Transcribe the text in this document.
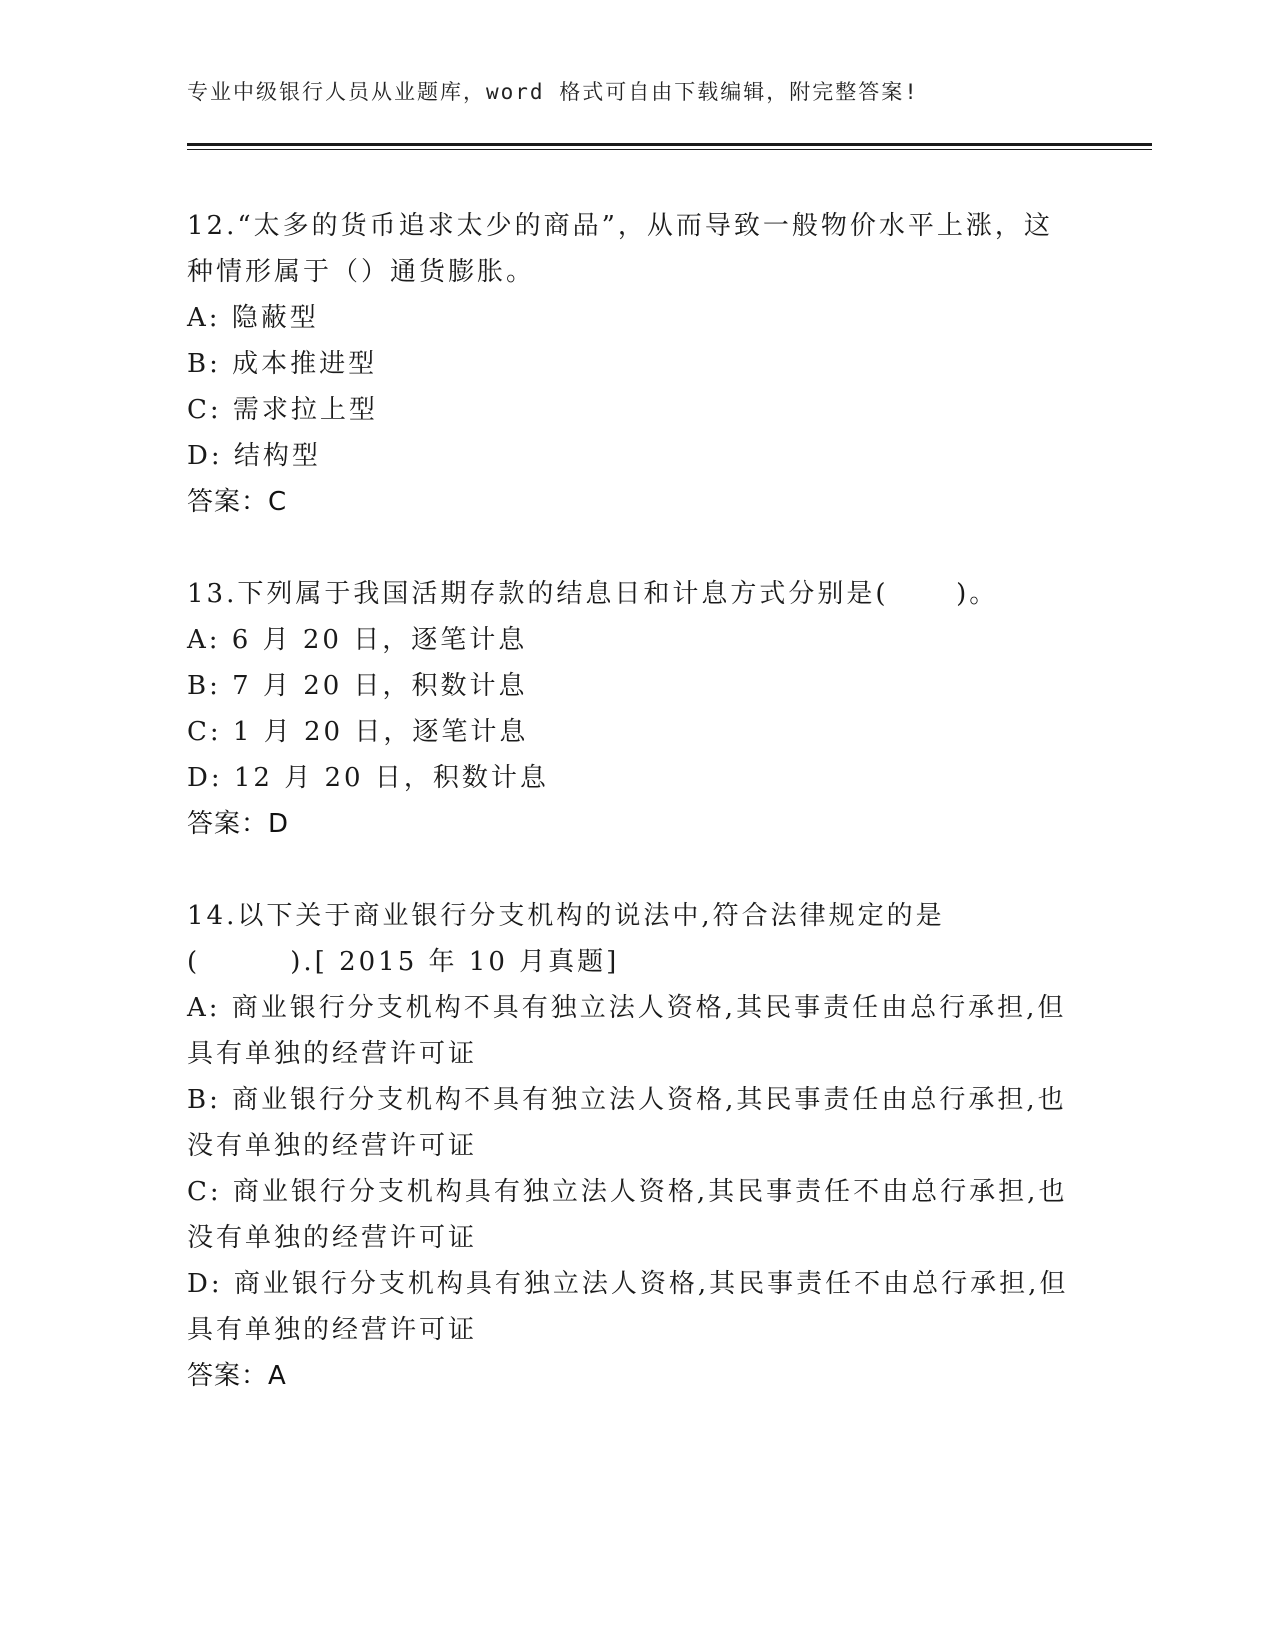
专业中级银行人员从业题库，word 格式可自由下载编辑，附完整答案!

12.“太多的货币追求太少的商品”，从而导致一般物价水平上涨，这

种情形属于（）通货膨胀。

A: 隐蔽型

B: 成本推进型

C: 需求拉上型

D: 结构型

答案：C

13.下列属于我国活期存款的结息日和计息方式分别是(      )。

A: 6 月 20 日，逐笔计息

B: 7 月 20 日，积数计息

C: 1 月 20 日，逐笔计息

D: 12 月 20 日，积数计息

答案：D

14.以下关于商业银行分支机构的说法中,符合法律规定的是

(        ).[ 2015 年 10 月真题]

A: 商业银行分支机构不具有独立法人资格,其民事责任由总行承担,但

具有单独的经营许可证

B: 商业银行分支机构不具有独立法人资格,其民事责任由总行承担,也

没有单独的经营许可证

C: 商业银行分支机构具有独立法人资格,其民事责任不由总行承担,也

没有单独的经营许可证

D: 商业银行分支机构具有独立法人资格,其民事责任不由总行承担,但

具有单独的经营许可证

答案：A
